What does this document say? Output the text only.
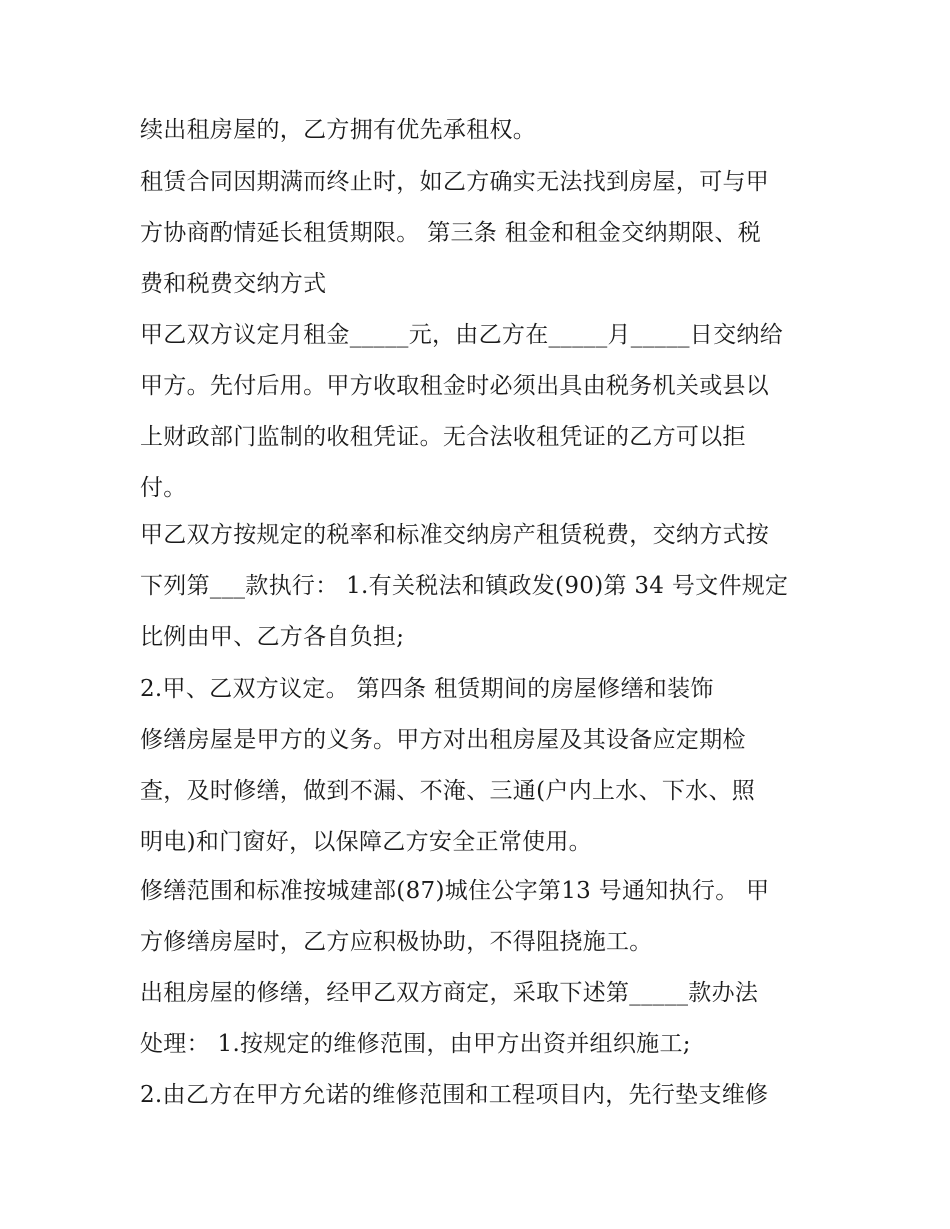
续出租房屋的，乙方拥有优先承租权。
租赁合同因期满而终止时，如乙方确实无法找到房屋，可与甲
方协商酌情延长租赁期限。 第三条 租金和租金交纳期限、税
费和税费交纳方式
甲乙双方议定月租金_____元，由乙方在_____月_____日交纳给
甲方。先付后用。甲方收取租金时必须出具由税务机关或县以
上财政部门监制的收租凭证。无合法收租凭证的乙方可以拒
付。
甲乙双方按规定的税率和标准交纳房产租赁税费，交纳方式按
下列第___款执行： 1.有关税法和镇政发(90)第 34 号文件规定
比例由甲、乙方各自负担;
2.甲、乙双方议定。 第四条 租赁期间的房屋修缮和装饰
修缮房屋是甲方的义务。甲方对出租房屋及其设备应定期检
查，及时修缮，做到不漏、不淹、三通(户内上水、下水、照
明电)和门窗好，以保障乙方安全正常使用。
修缮范围和标准按城建部(87)城住公字第13 号通知执行。 甲
方修缮房屋时，乙方应积极协助，不得阻挠施工。
出租房屋的修缮，经甲乙双方商定，采取下述第_____款办法
处理： 1.按规定的维修范围，由甲方出资并组织施工;
2.由乙方在甲方允诺的维修范围和工程项目内，先行垫支维修
